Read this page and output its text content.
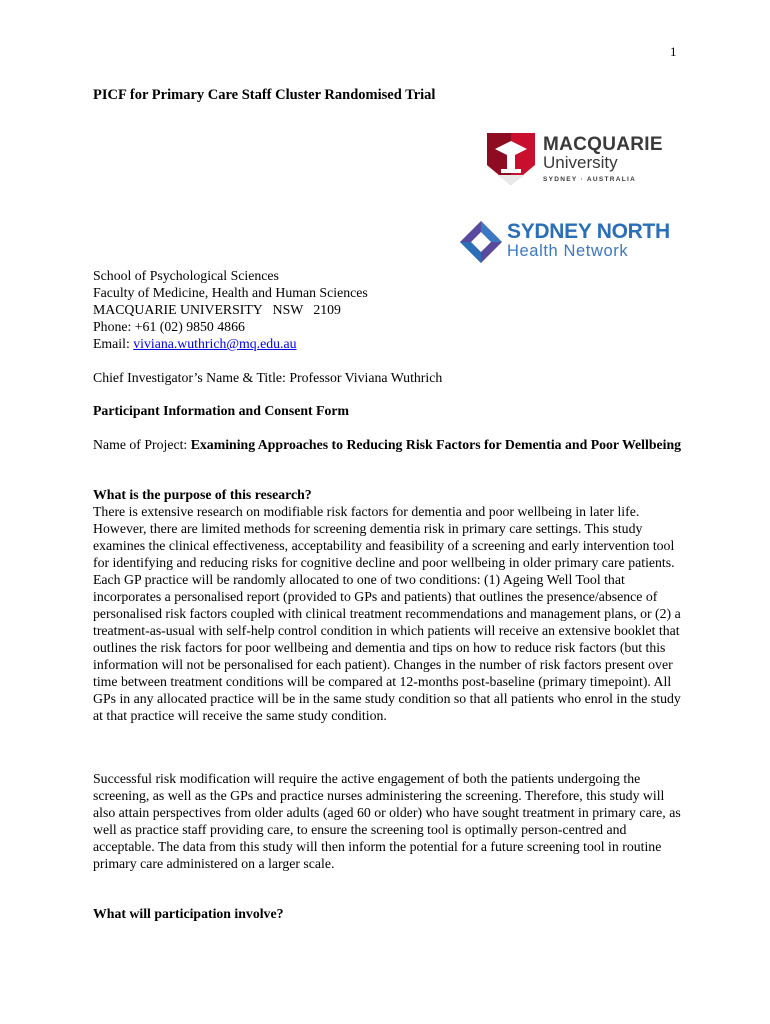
1
PICF for Primary Care Staff Cluster Randomised Trial
MACQUARIE
University
SYDNEY · AUSTRALIA
SYDNEY NORTH
Health Network
School of Psychological Sciences
Faculty of Medicine, Health and Human Sciences
MACQUARIE UNIVERSITY   NSW   2109
Phone: +61 (02) 9850 4866
Email: viviana.wuthrich@mq.edu.au
Chief Investigator’s Name & Title: Professor Viviana Wuthrich
Participant Information and Consent Form
Name of Project: Examining Approaches to Reducing Risk Factors for Dementia and Poor Wellbeing
What is the purpose of this research?

There is extensive research on modifiable risk factors for dementia and poor wellbeing in later life. However, there are limited methods for screening dementia risk in primary care settings. This study examines the clinical effectiveness, acceptability and feasibility of a screening and early intervention tool for identifying and reducing risks for cognitive decline and poor wellbeing in older primary care patients. Each GP practice will be randomly allocated to one of two conditions: (1) Ageing Well Tool that incorporates a personalised report (provided to GPs and patients) that outlines the presence/absence of personalised risk factors coupled with clinical treatment recommendations and management plans, or (2) a treatment-as-usual with self-help control condition in which patients will receive an extensive booklet that outlines the risk factors for poor wellbeing and dementia and tips on how to reduce risk factors (but this information will not be personalised for each patient). Changes in the number of risk factors present over time between treatment conditions will be compared at 12-months post-baseline (primary timepoint). All GPs in any allocated practice will be in the same study condition so that all patients who enrol in the study at that practice will receive the same study condition.

Successful risk modification will require the active engagement of both the patients undergoing the screening, as well as the GPs and practice nurses administering the screening. Therefore, this study will also attain perspectives from older adults (aged 60 or older) who have sought treatment in primary care, as well as practice staff providing care, to ensure the screening tool is optimally person-centred and acceptable. The data from this study will then inform the potential for a future screening tool in routine primary care administered on a larger scale.
What will participation involve?
